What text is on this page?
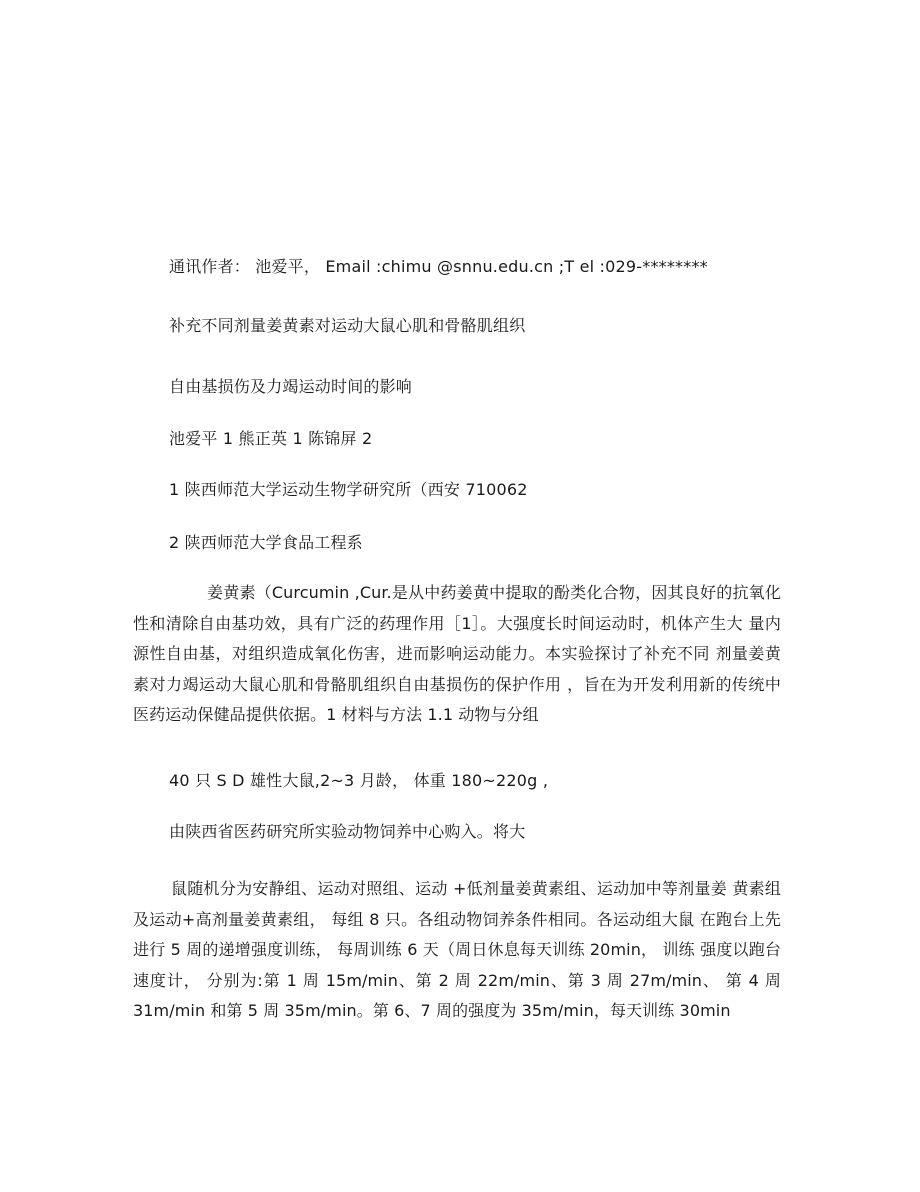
通讯作者： 池爱平， Email :chimu @snnu.edu.cn ;T el :029-********
补充不同剂量姜黄素对运动大鼠心肌和骨骼肌组织
自由基损伤及力竭运动时间的影响
池爱平 1 熊正英 1 陈锦屏 2
1 陕西师范大学运动生物学研究所（西安 710062
2 陕西师范大学食品工程系
姜黄素（Curcumin ,Cur.是从中药姜黄中提取的酚类化合物，因其良好的抗氧化性和清除自由基功效，具有广泛的药理作用［1］。大强度长时间运动时，机体产生大 量内源性自由基，对组织造成氧化伤害，进而影响运动能力。本实验探讨了补充不同 剂量姜黄素对力竭运动大鼠心肌和骨骼肌组织自由基损伤的保护作用 ，旨在为开发利用新的传统中医药运动保健品提供依据。1 材料与方法 1.1 动物与分组
40 只 S D 雄性大鼠,2~3 月龄， 体重 180~220g ,
由陕西省医药研究所实验动物饲养中心购入。将大
鼠随机分为安静组、运动对照组、运动 +低剂量姜黄素组、运动加中等剂量姜 黄素组及运动+高剂量姜黄素组， 每组 8 只。各组动物饲养条件相同。各运动组大鼠 在跑台上先进行 5 周的递增强度训练， 每周训练 6 天（周日休息每天训练 20min， 训练 强度以跑台速度计， 分别为:第 1 周 15m/min、第 2 周 22m/min、第 3 周 27m/min、 第 4 周 31m/min 和第 5 周 35m/min。第 6、7 周的强度为 35m/min，每天训练 30min
